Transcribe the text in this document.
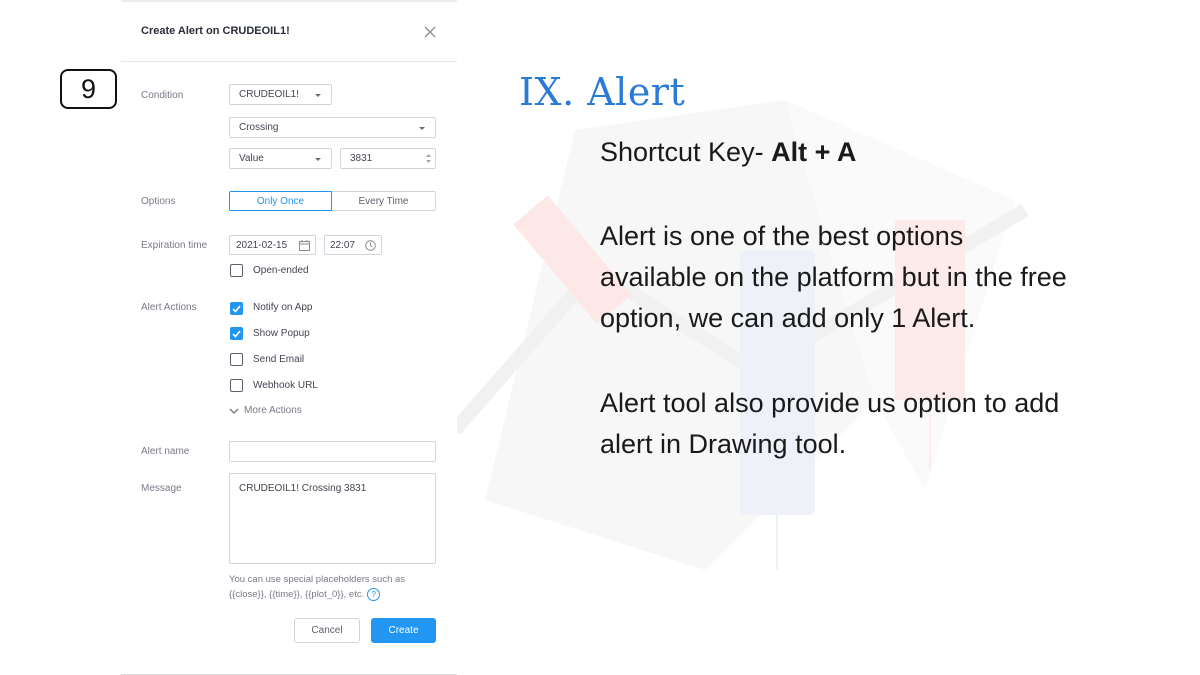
9
Create Alert on CRUDEOIL1!
Condition	CRUDEOIL1!
Crossing
Value	3831
Options	Only Once	Every Time
Expiration time	2021-02-15	22:07
Open-ended
Alert Actions	Notify on App
Show Popup
Send Email
Webhook URL
More Actions
Alert name
Message	CRUDEOIL1! Crossing 3831
You can use special placeholders such as
{{close}}, {{time}}, {{plot_0}}, etc. ?
Cancel	Create
IX. Alert
Shortcut Key- Alt + A
Alert is one of the best options
available on the platform but in the free
option, we can add only 1 Alert.
Alert tool also provide us option to add
alert in Drawing tool.
